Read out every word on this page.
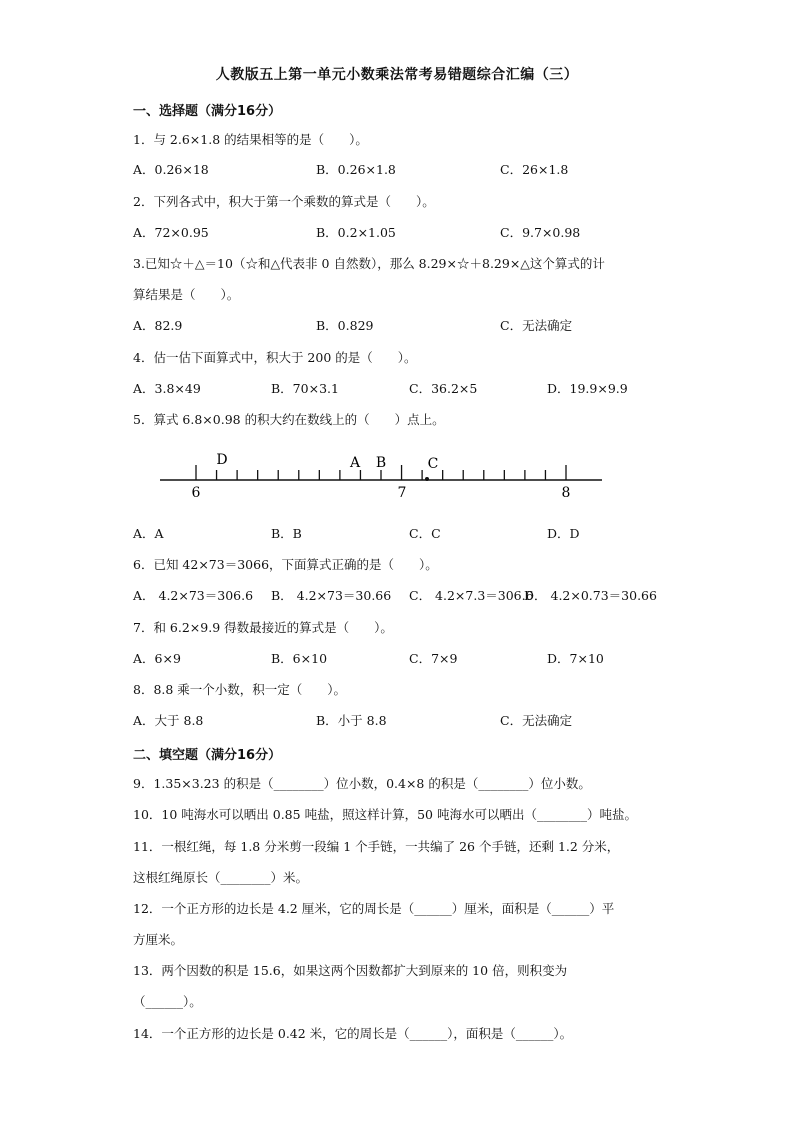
人教版五上第一单元小数乘法常考易错题综合汇编（三）
一、选择题（满分16分）
1．与 2.6×1.8 的结果相等的是（　　）。
A．0.26×18	B．0.26×1.8	C．26×1.8
2．下列各式中，积大于第一个乘数的算式是（　　）。
A．72×0.95	B．0.2×1.05	C．9.7×0.98
3.已知☆＋△＝10（☆和△代表非 0 自然数），那么 8.29×☆＋8.29×△这个算式的计
算结果是（　　）。
A．82.9	B．0.829	C．无法确定
4．估一估下面算式中，积大于 200 的是（　　）。
A．3.8×49	B．70×3.1	C．36.2×5	D．19.9×9.9
5．算式 6.8×0.98 的积大约在数线上的（　　）点上。
6	7	8
D	A B	C
A．A	B．B	C．C	D．D
6．已知 42×73＝3066，下面算式正确的是（　　）。
A． 4.2×73＝306.6 B． 4.2×73＝30.66 C． 4.2×7.3＝306.6
D． 4.2×0.73＝30.66
7．和 6.2×9.9 得数最接近的算式是（　　）。
A．6×9	B．6×10	C．7×9	D．7×10
8．8.8 乘一个小数，积一定（　　）。
A．大于 8.8	B．小于 8.8	C．无法确定
二、填空题（满分16分）
9．1.35×3.23 的积是（________）位小数，0.4×8 的积是（________）位小数。
10．10 吨海水可以晒出 0.85 吨盐，照这样计算，50 吨海水可以晒出（________）吨盐。
11．一根红绳，每 1.8 分米剪一段编 1 个手链，一共编了 26 个手链，还剩 1.2 分米，
这根红绳原长（________）米。
12．一个正方形的边长是 4.2 厘米，它的周长是（______）厘米，面积是（______）平
方厘米。
13．两个因数的积是 15.6，如果这两个因数都扩大到原来的 10 倍，则积变为
（______）。
14．一个正方形的边长是 0.42 米，它的周长是（______），面积是（______）。
